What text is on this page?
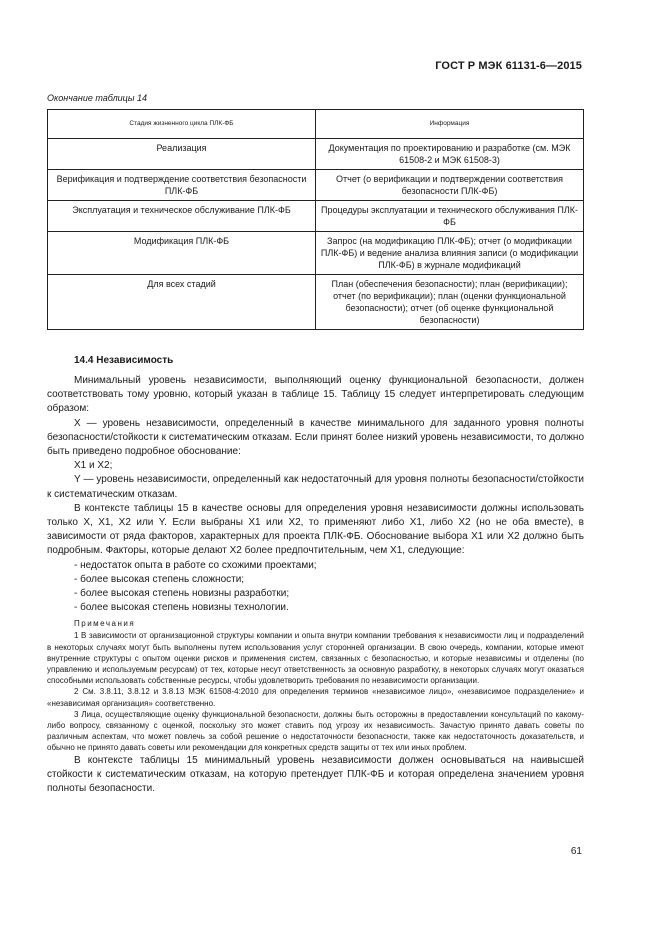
ГОСТ Р МЭК 61131-6—2015
Окончание таблицы 14
Стадия жизненного цикла ПЛК-ФБ	Информация
Реализация	Документация по проектированию и разработке (см. МЭК 61508-2 и МЭК 61508-3)
Верификация и подтверждение соответствия безопасности ПЛК-ФБ	Отчет (о верификации и подтверждении соответствия безопасности ПЛК-ФБ)
Эксплуатация и техническое обслуживание ПЛК-ФБ	Процедуры эксплуатации и технического обслуживания ПЛК-ФБ
Модификация ПЛК-ФБ	Запрос (на модификацию ПЛК-ФБ); отчет (о модификации ПЛК-ФБ) и ведение анализа влияния записи (о модификации ПЛК-ФБ) в журнале модификаций
Для всех стадий	План (обеспечения безопасности); план (верификации); отчет (по верификации); план (оценки функциональной безопасности); отчет (об оценке функциональной безопасности)
14.4 Независимость

Минимальный уровень независимости, выполняющий оценку функциональной безопасности, должен соответствовать тому уровню, который указан в таблице 15. Таблицу 15 следует интерпретировать следующим образом:

X — уровень независимости, определенный в качестве минимального для заданного уровня полноты безопасности/стойкости к систематическим отказам. Если принят более низкий уровень независимости, то должно быть приведено подробное обоснование:

X1 и X2;

Y — уровень независимости, определенный как недостаточный для уровня полноты безопасности/стойкости к систематическим отказам.

В контексте таблицы 15 в качестве основы для определения уровня независимости должны использовать только X, X1, X2 или Y. Если выбраны X1 или X2, то применяют либо X1, либо X2 (но не оба вместе), в зависимости от ряда факторов, характерных для проекта ПЛК-ФБ. Обоснование выбора X1 или X2 должно быть подробным. Факторы, которые делают X2 более предпочтительным, чем X1, следующие:

- недостаток опыта в работе со схожими проектами;

- более высокая степень сложности;

- более высокая степень новизны разработки;

- более высокая степень новизны технологии.

Примечания

1 В зависимости от организационной структуры компании и опыта внутри компании требования к независимости лиц и подразделений в некоторых случаях могут быть выполнены путем использования услуг сторонней организации. В свою очередь, компании, которые имеют внутренние структуры с опытом оценки рисков и применения систем, связанных с безопасностью, и которые независимы и отделены (по управлению и используемым ресурсам) от тех, которые несут ответственность за основную разработку, в некоторых случаях могут оказаться способными использовать собственные ресурсы, чтобы удовлетворить требования по независимости организации.

2 См. 3.8.11, 3.8.12 и 3.8.13 МЭК 61508-4:2010 для определения терминов «независимое лицо», «независимое подразделение» и «независимая организация» соответственно.

3 Лица, осуществляющие оценку функциональной безопасности, должны быть осторожны в предоставлении консультаций по какому-либо вопросу, связанному с оценкой, поскольку это может ставить под угрозу их независимость. Зачастую принято давать советы по различным аспектам, что может повлечь за собой решение о недостаточности безопасности, также как недостаточность доказательств, и обычно не принято давать советы или рекомендации для конкретных средств защиты от тех или иных проблем.

В контексте таблицы 15 минимальный уровень независимости должен основываться на наивысшей стойкости к систематическим отказам, на которую претендует ПЛК-ФБ и которая определена значением уровня полноты безопасности.

61
